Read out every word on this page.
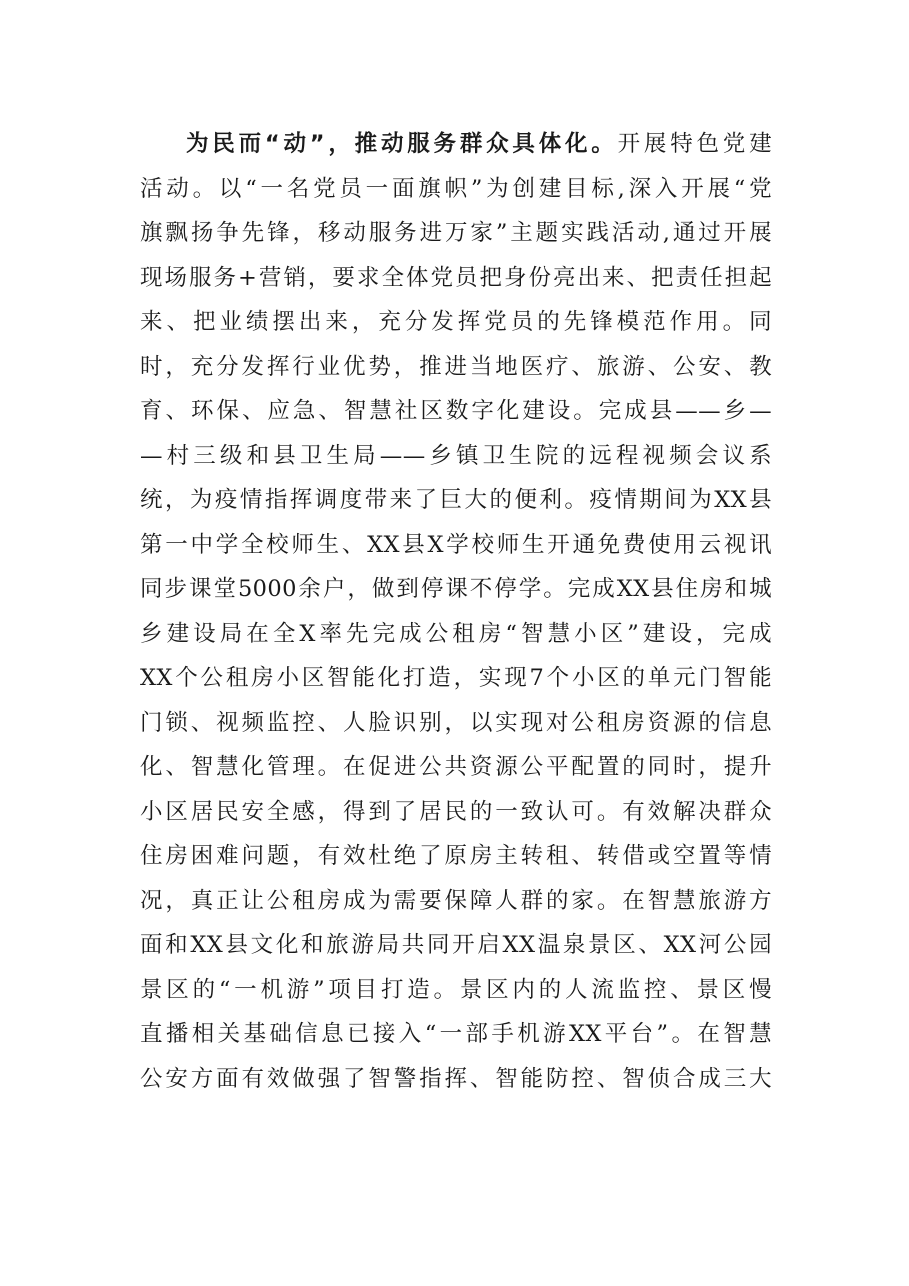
为民而“动”，推动服务群众具体化。开展特色党建
活动。以“一名党员一面旗帜”为创建目标,深入开展“党
旗飘扬争先锋，移动服务进万家”主题实践活动,通过开展
现场服务+营销，要求全体党员把身份亮出来、把责任担起
来、把业绩摆出来，充分发挥党员的先锋模范作用。同
时，充分发挥行业优势，推进当地医疗、旅游、公安、教
育、环保、应急、智慧社区数字化建设。完成县——乡—
—村三级和县卫生局——乡镇卫生院的远程视频会议系
统，为疫情指挥调度带来了巨大的便利。疫情期间为XX县
第一中学全校师生、XX县X学校师生开通免费使用云视讯
同步课堂5000余户，做到停课不停学。完成XX县住房和城
乡建设局在全X率先完成公租房“智慧小区”建设，完成
XX个公租房小区智能化打造，实现7个小区的单元门智能
门锁、视频监控、人脸识别，以实现对公租房资源的信息
化、智慧化管理。在促进公共资源公平配置的同时，提升
小区居民安全感，得到了居民的一致认可。有效解决群众
住房困难问题，有效杜绝了原房主转租、转借或空置等情
况，真正让公租房成为需要保障人群的家。在智慧旅游方
面和XX县文化和旅游局共同开启XX温泉景区、XX河公园
景区的“一机游”项目打造。景区内的人流监控、景区慢
直播相关基础信息已接入“一部手机游XX平台”。在智慧
公安方面有效做强了智警指挥、智能防控、智侦合成三大
